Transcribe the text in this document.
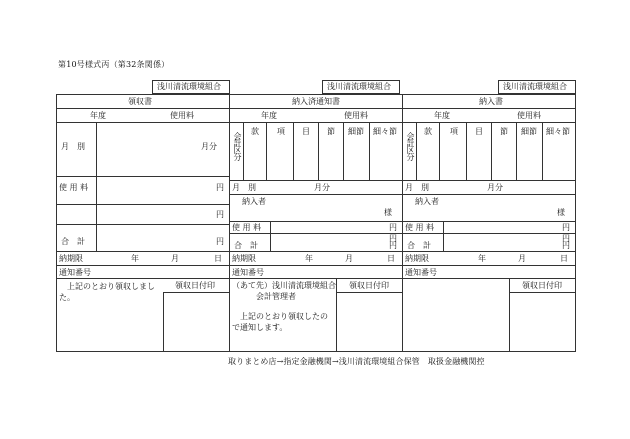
第10号様式丙（第32条関係）
浅川清流環境組合	浅川清流環境組合	浅川清流環境組合
領収書
年度	使用料
月　別	月分
使 用 料	円
円
合　計	円
納期限	年	月	日
通知番号
上記のとおり領収しました。
領収日付印
納入済通知書
年度	使用料
会計区分
款 項 目 節 細節 細々節
月　別	月分
納入者
様
使 用 料	円
円
合　計	円
納期限	年	月	日
通知番号
（あて先）浅川清流環境組合
会計管理者
上記のとおり領収したので通知します。
領収日付印
納入書
年度	使用料
会計区分
款 項 目 節 細節 細々節
月　別	月分
納入者
様
使 用 料	円
円
合　計	円
納期限	年	月	日
通知番号
領収日付印
取りまとめ店→指定金融機関→浅川清流環境組合保管　取扱金融機関控
